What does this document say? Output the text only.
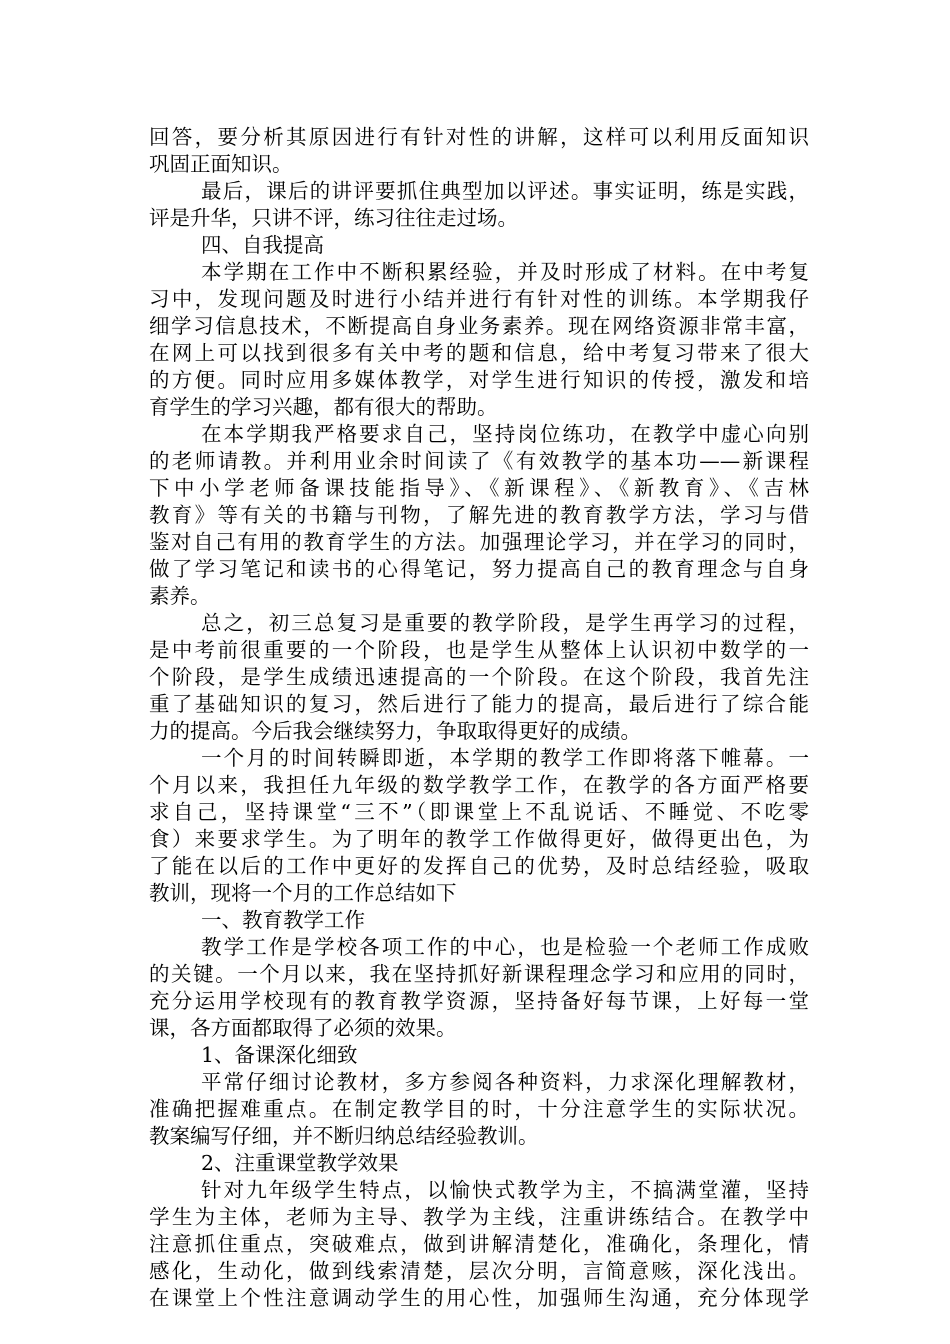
回答，要分析其原因进行有针对性的讲解，这样可以利用反面知识
巩固正面知识。
最后，课后的讲评要抓住典型加以评述。事实证明，练是实践，
评是升华，只讲不评，练习往往走过场。
四、自我提高
本学期在工作中不断积累经验，并及时形成了材料。在中考复
习中，发现问题及时进行小结并进行有针对性的训练。本学期我仔
细学习信息技术，不断提高自身业务素养。现在网络资源非常丰富，
在网上可以找到很多有关中考的题和信息，给中考复习带来了很大
的方便。同时应用多媒体教学，对学生进行知识的传授，激发和培
育学生的学习兴趣，都有很大的帮助。
在本学期我严格要求自己，坚持岗位练功，在教学中虚心向别
的老师请教。并利用业余时间读了《有效教学的基本功——新课程
下中小学老师备课技能指导》、《新课程》、《新教育》、《吉林
教育》等有关的书籍与刊物，了解先进的教育教学方法，学习与借
鉴对自己有用的教育学生的方法。加强理论学习，并在学习的同时，
做了学习笔记和读书的心得笔记，努力提高自己的教育理念与自身
素养。
总之，初三总复习是重要的教学阶段，是学生再学习的过程，
是中考前很重要的一个阶段，也是学生从整体上认识初中数学的一
个阶段，是学生成绩迅速提高的一个阶段。在这个阶段，我首先注
重了基础知识的复习，然后进行了能力的提高，最后进行了综合能
力的提高。今后我会继续努力，争取取得更好的成绩。
一个月的时间转瞬即逝，本学期的教学工作即将落下帷幕。一
个月以来，我担任九年级的数学教学工作，在教学的各方面严格要
求自己，坚持课堂“三不”（即课堂上不乱说话、不睡觉、不吃零
食）来要求学生。为了明年的教学工作做得更好，做得更出色，为
了能在以后的工作中更好的发挥自己的优势，及时总结经验，吸取
教训，现将一个月的工作总结如下
一、教育教学工作
教学工作是学校各项工作的中心，也是检验一个老师工作成败
的关键。一个月以来，我在坚持抓好新课程理念学习和应用的同时，
充分运用学校现有的教育教学资源，坚持备好每节课，上好每一堂
课，各方面都取得了必须的效果。
1、备课深化细致
平常仔细讨论教材，多方参阅各种资料，力求深化理解教材，
准确把握难重点。在制定教学目的时，十分注意学生的实际状况。
教案编写仔细，并不断归纳总结经验教训。
2、注重课堂教学效果
针对九年级学生特点，以愉快式教学为主，不搞满堂灌，坚持
学生为主体，老师为主导、教学为主线，注重讲练结合。在教学中
注意抓住重点，突破难点，做到讲解清楚化，准确化，条理化，情
感化，生动化，做到线索清楚，层次分明，言简意赅，深化浅出。
在课堂上个性注意调动学生的用心性，加强师生沟通，充分体现学
